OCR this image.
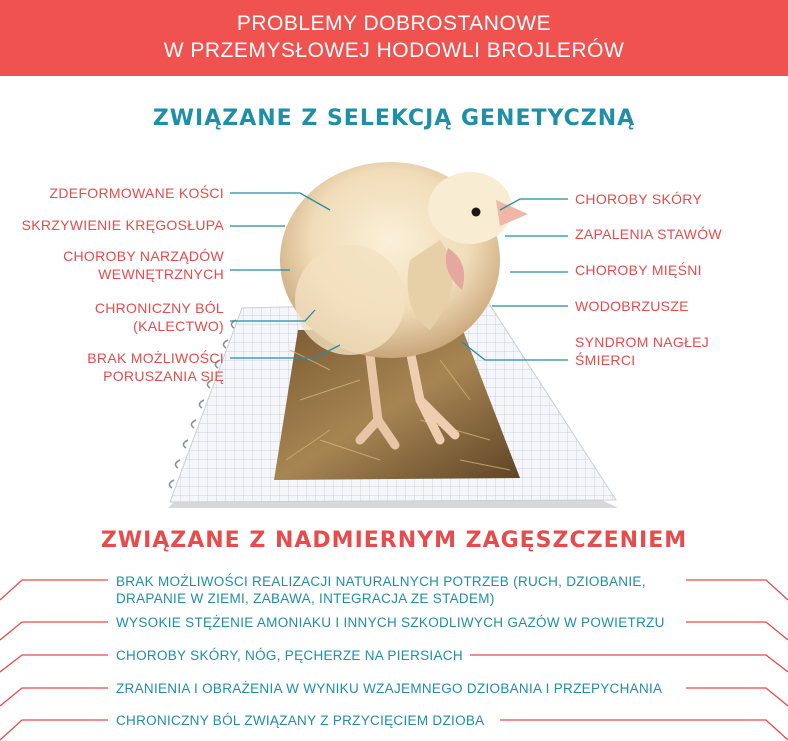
PROBLEMY DOBROSTANOWE
W PRZEMYSŁOWEJ HODOWLI BROJLERÓW
ZWIĄZANE Z SELEKCJĄ GENETYCZNĄ
ZDEFORMOWANE KOŚCI
SKRZYWIENIE KRĘGOSŁUPA
CHOROBY NARZĄDÓW
WEWNĘTRZNYCH
CHRONICZNY BÓL
(KALECTWO)
BRAK MOŻLIWOŚCI
PORUSZANIA SIĘ
CHOROBY SKÓRY
ZAPALENIA STAWÓW
CHOROBY MIĘŚNI
WODOBRZUSZE
SYNDROM NAGŁEJ
ŚMIERCI
ZWIĄZANE Z NADMIERNYM ZAGĘSZCZENIEM
BRAK MOŻLIWOŚCI REALIZACJI NATURALNYCH POTRZEB (RUCH, DZIOBANIE,
DRAPANIE W ZIEMI, ZABAWA, INTEGRACJA ZE STADEM)
WYSOKIE STĘŻENIE AMONIAKU I INNYCH SZKODLIWYCH GAZÓW W POWIETRZU
CHOROBY SKÓRY, NÓG, PĘCHERZE NA PIERSIACH
ZRANIENIA I OBRAŻENIA W WYNIKU WZAJEMNEGO DZIOBANIA I PRZEPYCHANIA
CHRONICZNY BÓL ZWIĄZANY Z PRZYCIĘCIEM DZIOBA
